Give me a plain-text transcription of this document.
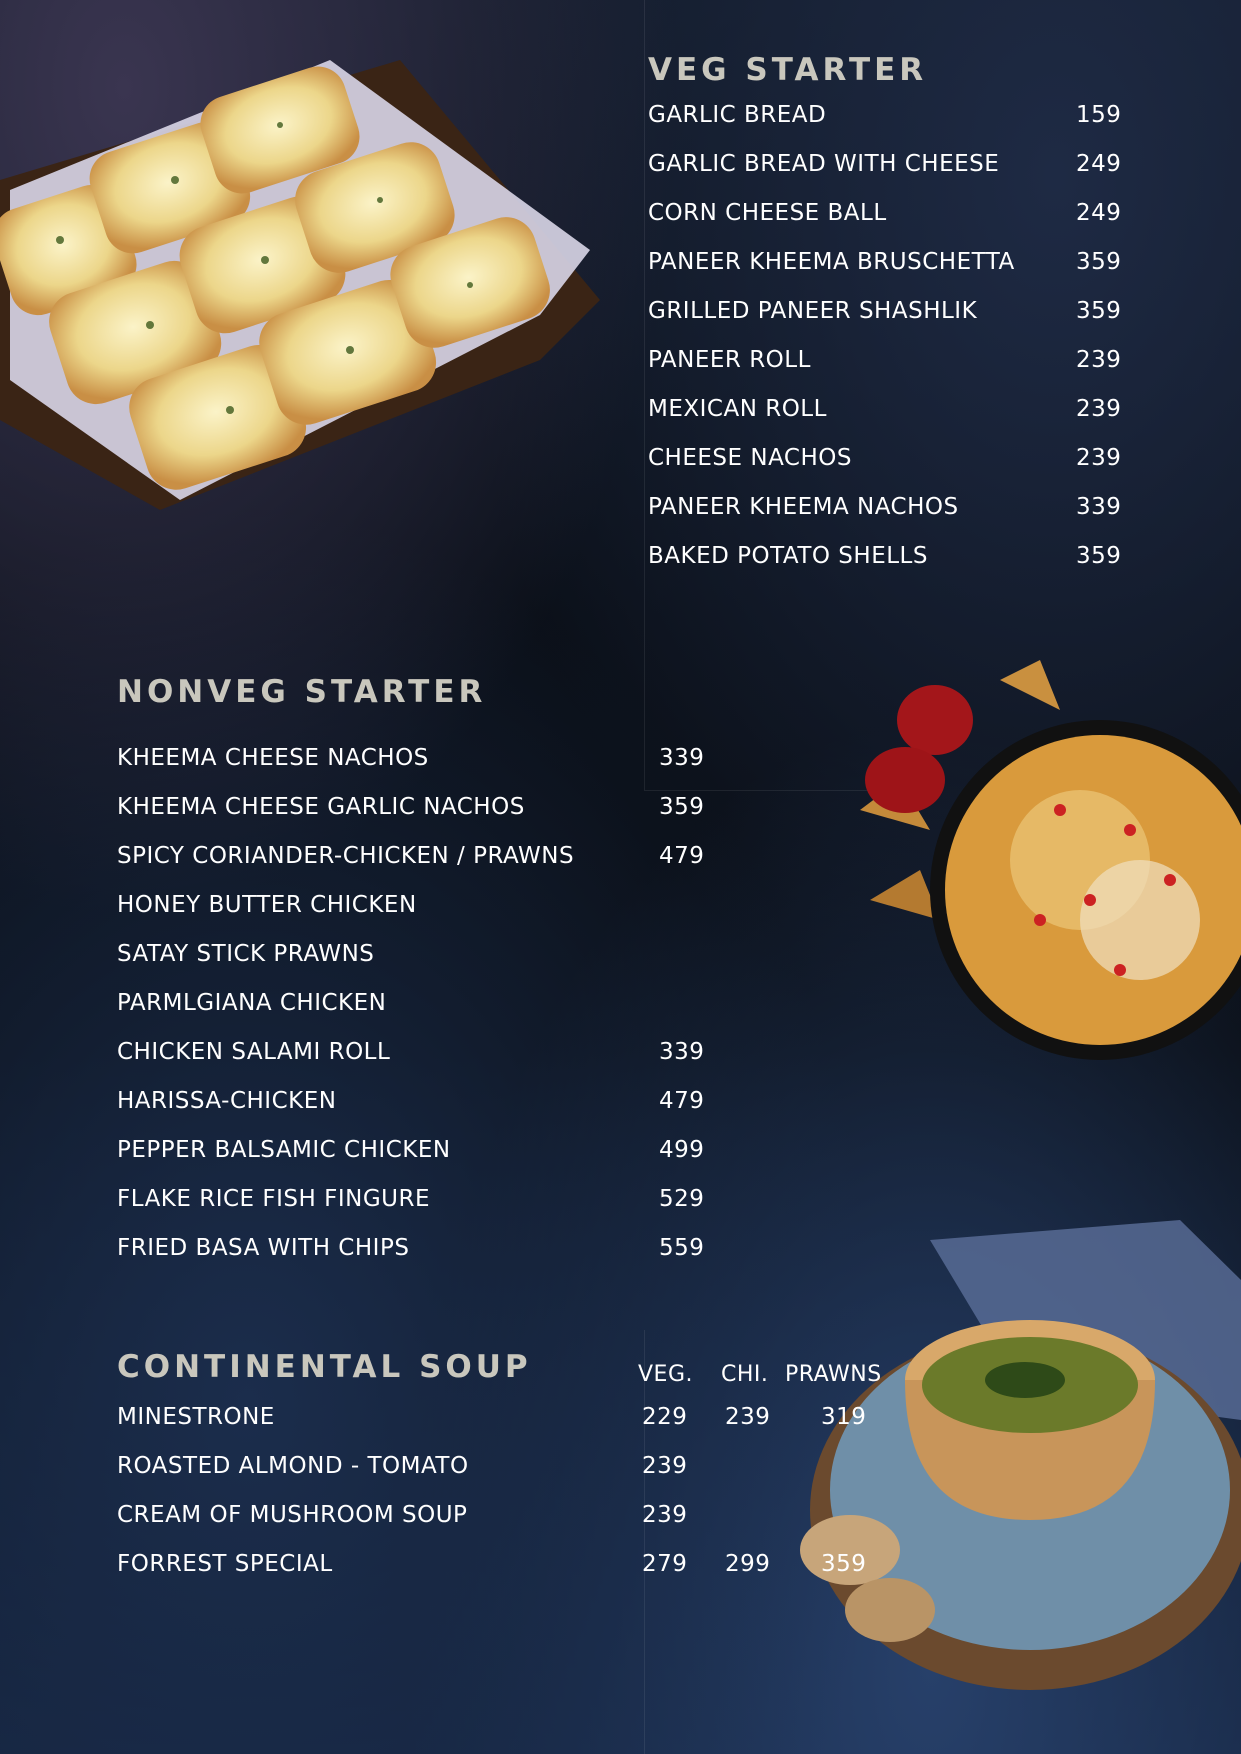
VEG STARTER
GARLIC BREAD	159
GARLIC BREAD WITH CHEESE	249
CORN CHEESE BALL	249
PANEER KHEEMA BRUSCHETTA	359
GRILLED PANEER SHASHLIK	359
PANEER ROLL	239
MEXICAN ROLL	239
CHEESE NACHOS	239
PANEER KHEEMA NACHOS	339
BAKED POTATO SHELLS	359
NONVEG STARTER
KHEEMA CHEESE NACHOS	339
KHEEMA CHEESE GARLIC NACHOS	359
SPICY CORIANDER-CHICKEN / PRAWNS	479
HONEY BUTTER CHICKEN
SATAY STICK PRAWNS
PARMLGIANA CHICKEN
CHICKEN SALAMI ROLL	339
HARISSA-CHICKEN	479
PEPPER BALSAMIC CHICKEN	499
FLAKE RICE FISH FINGURE	529
FRIED BASA WITH CHIPS	559
CONTINENTAL SOUP	VEG. CHI. PRAWNS
MINESTRONE	229 239 319
ROASTED ALMOND - TOMATO	239
CREAM OF MUSHROOM SOUP	239
FORREST SPECIAL	279 299 359
